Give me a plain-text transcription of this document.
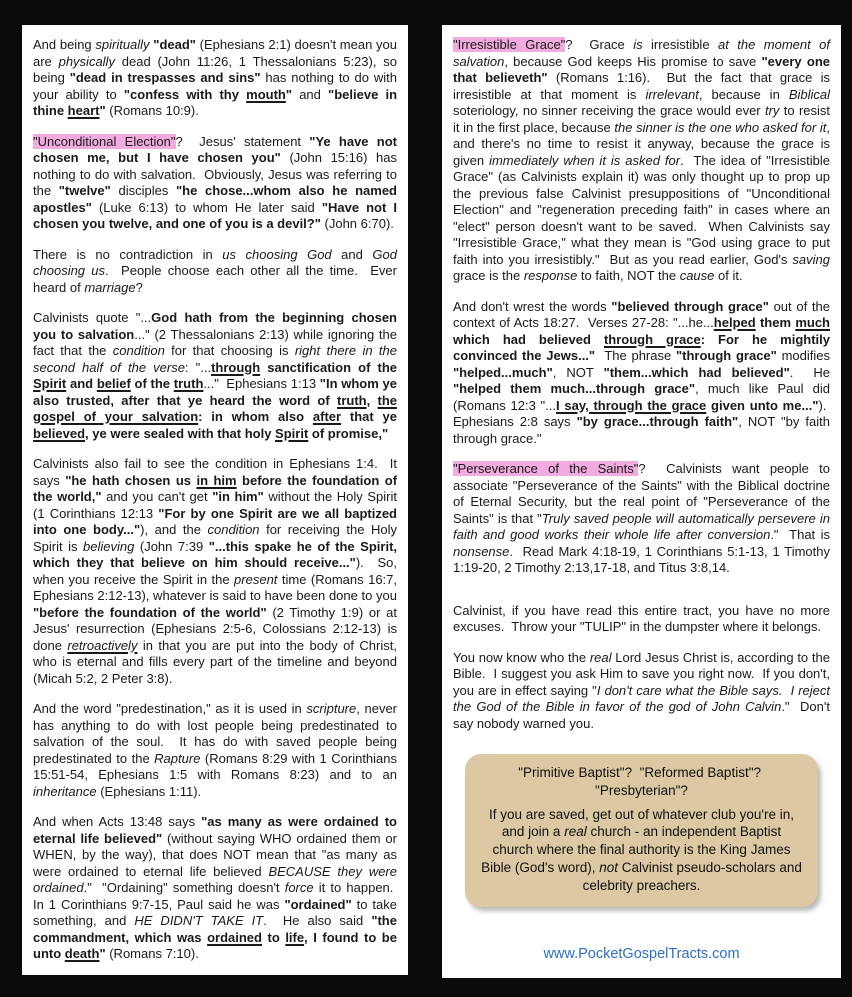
And being spiritually "dead" (Ephesians 2:1) doesn't mean you are physically dead (John 11:26, 1 Thessalonians 5:23), so being "dead in trespasses and sins" has nothing to do with your ability to "confess with thy mouth" and "believe in thine heart" (Romans 10:9).

"Unconditional Election"?  Jesus' statement "Ye have not chosen me, but I have chosen you" (John 15:16) has nothing to do with salvation.  Obviously, Jesus was referring to the "twelve" disciples "he chose...whom also he named apostles" (Luke 6:13) to whom He later said "Have not I chosen you twelve, and one of you is a devil?" (John 6:70).

There is no contradiction in us choosing God and God choosing us.  People choose each other all the time.  Ever heard of marriage?

Calvinists quote "...God hath from the beginning chosen you to salvation..." (2 Thessalonians 2:13) while ignoring the fact that the condition for that choosing is right there in the second half of the verse: "...through sanctification of the Spirit and belief of the truth..."  Ephesians 1:13 "In whom ye also trusted, after that ye heard the word of truth, the gospel of your salvation: in whom also after that ye believed, ye were sealed with that holy Spirit of promise,"

Calvinists also fail to see the condition in Ephesians 1:4.  It says "he hath chosen us in him before the foundation of the world," and you can't get "in him" without the Holy Spirit (1 Corinthians 12:13 "For by one Spirit are we all baptized into one body..."), and the condition for receiving the Holy Spirit is believing (John 7:39 "...this spake he of the Spirit, which they that believe on him should receive...").  So, when you receive the Spirit in the present time (Romans 16:7, Ephesians 2:12-13), whatever is said to have been done to you "before the foundation of the world" (2 Timothy 1:9) or at Jesus' resurrection (Ephesians 2:5-6, Colossians 2:12-13) is done retroactively in that you are put into the body of Christ, who is eternal and fills every part of the timeline and beyond (Micah 5:2, 2 Peter 3:8).

And the word "predestination," as it is used in scripture, never has anything to do with lost people being predestinated to salvation of the soul.  It has do with saved people being predestinated to the Rapture (Romans 8:29 with 1 Corinthians 15:51-54, Ephesians 1:5 with Romans 8:23) and to an inheritance (Ephesians 1:11).

And when Acts 13:48 says "as many as were ordained to eternal life believed" (without saying WHO ordained them or WHEN, by the way), that does NOT mean that "as many as were ordained to eternal life believed BECAUSE they were ordained."  "Ordaining" something doesn't force it to happen.  In 1 Corinthians 9:7-15, Paul said he was "ordained" to take something, and HE DIDN'T TAKE IT.  He also said "the commandment, which was ordained to life, I found to be unto death" (Romans 7:10).

"Irresistible Grace"?  Grace is irresistible at the moment of salvation, because God keeps His promise to save "every one that believeth" (Romans 1:16).  But the fact that grace is irresistible at that moment is irrelevant, because in Biblical soteriology, no sinner receiving the grace would ever try to resist it in the first place, because the sinner is the one who asked for it, and there's no time to resist it anyway, because the grace is given immediately when it is asked for.  The idea of "Irresistible Grace" (as Calvinists explain it) was only thought up to prop up the previous false Calvinist presuppositions of "Unconditional Election" and "regeneration preceding faith" in cases where an "elect" person doesn't want to be saved.  When Calvinists say "Irresistible Grace," what they mean is "God using grace to put faith into you irresistibly."  But as you read earlier, God's saving grace is the response to faith, NOT the cause of it.

And don't wrest the words "believed through grace" out of the context of Acts 18:27.  Verses 27-28: "...he...helped them much which had believed through grace: For he mightily convinced the Jews..."  The phrase "through grace" modifies "helped...much", NOT "them...which had believed".  He "helped them much...through grace", much like Paul did (Romans 12:3 "...I say, through the grace given unto me...").  Ephesians 2:8 says "by grace...through faith", NOT "by faith through grace."

"Perseverance of the Saints"?  Calvinists want people to associate "Perseverance of the Saints" with the Biblical doctrine of Eternal Security, but the real point of "Perseverance of the Saints" is that "Truly saved people will automatically persevere in faith and good works their whole life after conversion."  That is nonsense.  Read Mark 4:18-19, 1 Corinthians 5:1-13, 1 Timothy 1:19-20, 2 Timothy 2:13,17-18, and Titus 3:8,14.

Calvinist, if you have read this entire tract, you have no more excuses.  Throw your "TULIP" in the dumpster where it belongs.

You now know who the real Lord Jesus Christ is, according to the Bible.  I suggest you ask Him to save you right now.  If you don't, you are in effect saying "I don't care what the Bible says.  I reject the God of the Bible in favor of the god of John Calvin."  Don't say nobody warned you.

"Primitive Baptist"?  "Reformed Baptist"?  "Presbyterian"?

If you are saved, get out of whatever club you're in, and join a real church - an independent Baptist church where the final authority is the King James Bible (God's word), not Calvinist pseudo-scholars and celebrity preachers.

www.PocketGospelTracts.com
